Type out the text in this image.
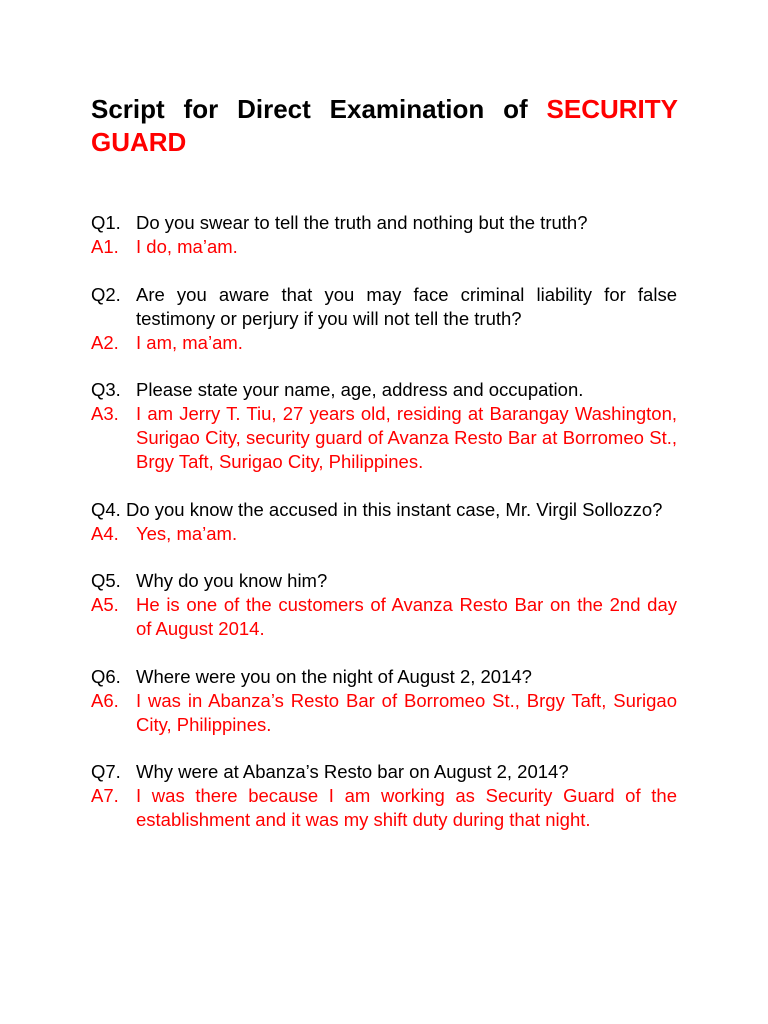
Script for Direct Examination of SECURITY GUARD
Q1. Do you swear to tell the truth and nothing but the truth?
A1. I do, ma’am.
Q2. Are you aware that you may face criminal liability for false testimony or perjury if you will not tell the truth?
A2. I am, ma’am.
Q3. Please state your name, age, address and occupation.
A3. I am Jerry T. Tiu, 27 years old, residing at Barangay Washington, Surigao City, security guard of Avanza Resto Bar at Borromeo St., Brgy Taft, Surigao City, Philippines.
Q4. Do you know the accused in this instant case, Mr. Virgil Sollozzo?
A4. Yes, ma’am.
Q5. Why do you know him?
A5. He is one of the customers of Avanza Resto Bar on the 2nd day of August 2014.
Q6. Where were you on the night of August 2, 2014?
A6. I was in Abanza’s Resto Bar of Borromeo St., Brgy Taft, Surigao City, Philippines.
Q7. Why were at Abanza’s Resto bar on August 2, 2014?
A7. I was there because I am working as Security Guard of the establishment and it was my shift duty during that night.
